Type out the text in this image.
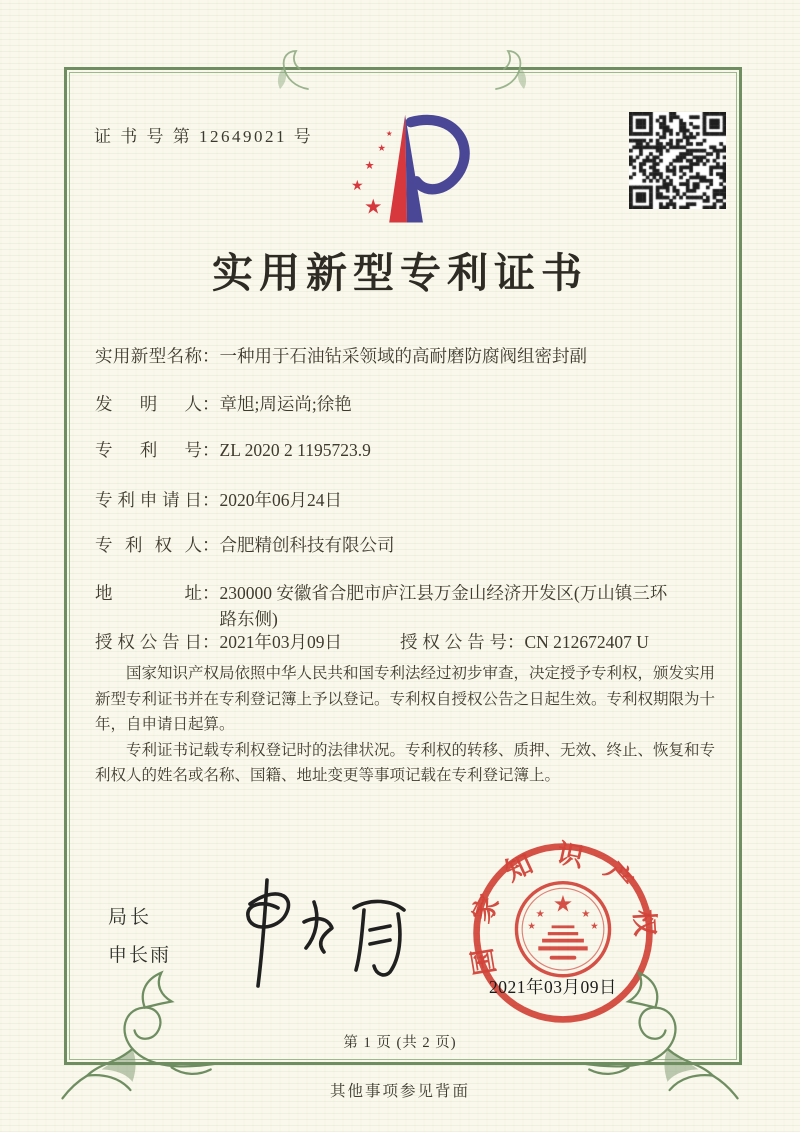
证 书 号 第 12649021 号
★
★
★
★
★
实用新型专利证书
实用新型名称：一种用于石油钻采领域的高耐磨防腐阀组密封副
发明人：章旭;周运尚;徐艳
专利号：ZL 2020 2 1195723.9
专利申请日：2020年06月24日
专利权人：合肥精创科技有限公司
地址：230000 安徽省合肥市庐江县万金山经济开发区(万山镇三环路东侧)
授权公告日：2021年03月09日	授权公告号：CN 212672407 U

国家知识产权局依照中华人民共和国专利法经过初步审查，决定授予专利权，颁发实用新型专利证书并在专利登记簿上予以登记。专利权自授权公告之日起生效。专利权期限为十年，自申请日起算。

专利证书记载专利权登记时的法律状况。专利权的转移、质押、无效、终止、恢复和专利权人的姓名或名称、国籍、地址变更等事项记载在专利登记簿上。

局长
申长雨	国家知识产权局
★
★	★
★	★
2021年03月09日
第 1 页 (共 2 页)
其他事项参见背面
